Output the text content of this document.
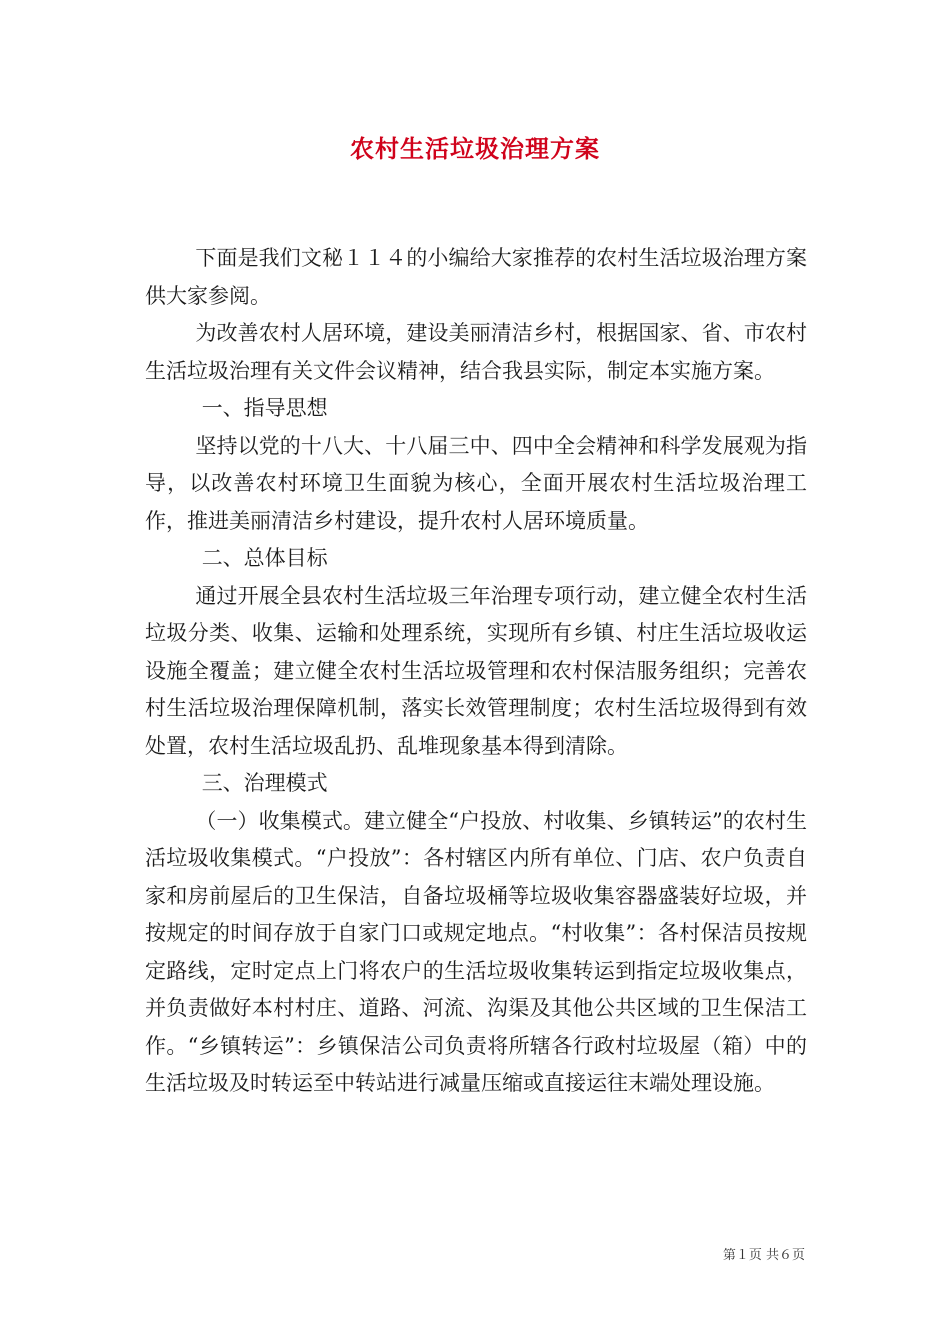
农村生活垃圾治理方案

下面是我们文秘１１４的小编给大家推荐的农村生活垃圾治理方案供大家参阅。

为改善农村人居环境，建设美丽清洁乡村，根据国家、省、市农村生活垃圾治理有关文件会议精神，结合我县实际，制定本实施方案。

一、指导思想

坚持以党的十八大、十八届三中、四中全会精神和科学发展观为指导，以改善农村环境卫生面貌为核心，全面开展农村生活垃圾治理工作，推进美丽清洁乡村建设，提升农村人居环境质量。

二、总体目标

通过开展全县农村生活垃圾三年治理专项行动，建立健全农村生活垃圾分类、收集、运输和处理系统，实现所有乡镇、村庄生活垃圾收运设施全覆盖；建立健全农村生活垃圾管理和农村保洁服务组织；完善农村生活垃圾治理保障机制，落实长效管理制度；农村生活垃圾得到有效处置，农村生活垃圾乱扔、乱堆现象基本得到清除。

三、治理模式

（一）收集模式。建立健全“户投放、村收集、乡镇转运”的农村生活垃圾收集模式。“户投放”：各村辖区内所有单位、门店、农户负责自家和房前屋后的卫生保洁，自备垃圾桶等垃圾收集容器盛装好垃圾，并按规定的时间存放于自家门口或规定地点。“村收集”：各村保洁员按规定路线，定时定点上门将农户的生活垃圾收集转运到指定垃圾收集点，并负责做好本村村庄、道路、河流、沟渠及其他公共区域的卫生保洁工作。“乡镇转运”：乡镇保洁公司负责将所辖各行政村垃圾屋（箱）中的生活垃圾及时转运至中转站进行减量压缩或直接运往末端处理设施。

第１页 共６页
